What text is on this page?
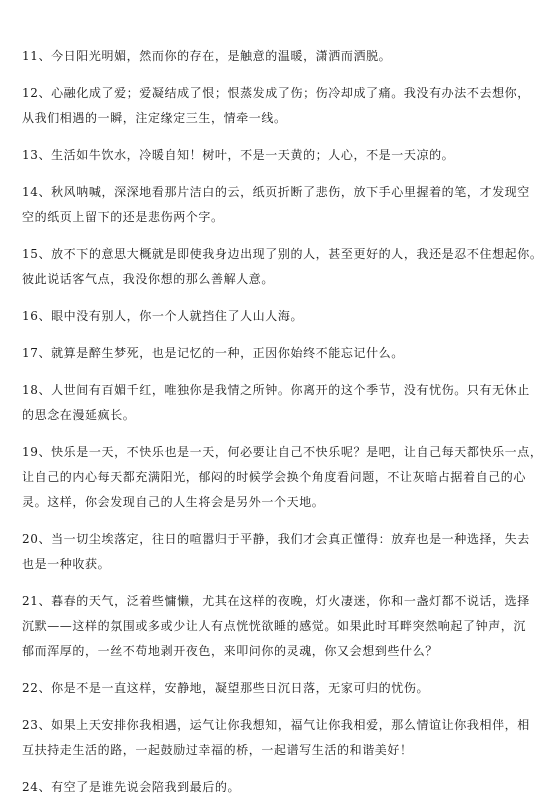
11、今日阳光明媚，然而你的存在，是触意的温暖，潇洒而洒脱。
12、心融化成了爱；爱凝结成了恨；恨蒸发成了伤；伤冷却成了痛。我没有办法不去想你，
从我们相遇的一瞬，注定缘定三生，情牵一线。
13、生活如牛饮水，冷暖自知！树叶，不是一天黄的；人心，不是一天凉的。
14、秋风呐喊，深深地看那片洁白的云，纸页折断了悲伤，放下手心里握着的笔，才发现空
空的纸页上留下的还是悲伤两个字。
15、放不下的意思大概就是即使我身边出现了别的人，甚至更好的人，我还是忍不住想起你。
彼此说话客气点，我没你想的那么善解人意。
16、眼中没有别人，你一个人就挡住了人山人海。
17、就算是醉生梦死，也是记忆的一种，正因你始终不能忘记什么。
18、人世间有百媚千红，唯独你是我情之所钟。你离开的这个季节，没有忧伤。只有无休止
的思念在漫延疯长。
19、快乐是一天，不快乐也是一天，何必要让自己不快乐呢？是吧，让自己每天都快乐一点，
让自己的内心每天都充满阳光，郁闷的时候学会换个角度看问题，不让灰暗占据着自己的心
灵。这样，你会发现自己的人生将会是另外一个天地。
20、当一切尘埃落定，往日的喧嚣归于平静，我们才会真正懂得：放弃也是一种选择，失去
也是一种收获。
21、暮春的天气，泛着些慵懒，尤其在这样的夜晚，灯火凄迷，你和一盏灯都不说话，选择
沉默——这样的氛围或多或少让人有点恍恍欲睡的感觉。如果此时耳畔突然响起了钟声，沉
郁而浑厚的，一丝不苟地剥开夜色，来叩问你的灵魂，你又会想到些什么？
22、你是不是一直这样，安静地，凝望那些日沉日落，无家可归的忧伤。
23、如果上天安排你我相遇，运气让你我想知，福气让你我相爱，那么情谊让你我相伴，相
互扶持走生活的路，一起鼓励过幸福的桥，一起谱写生活的和谐美好！
24、有空了是谁先说会陪我到最后的。
